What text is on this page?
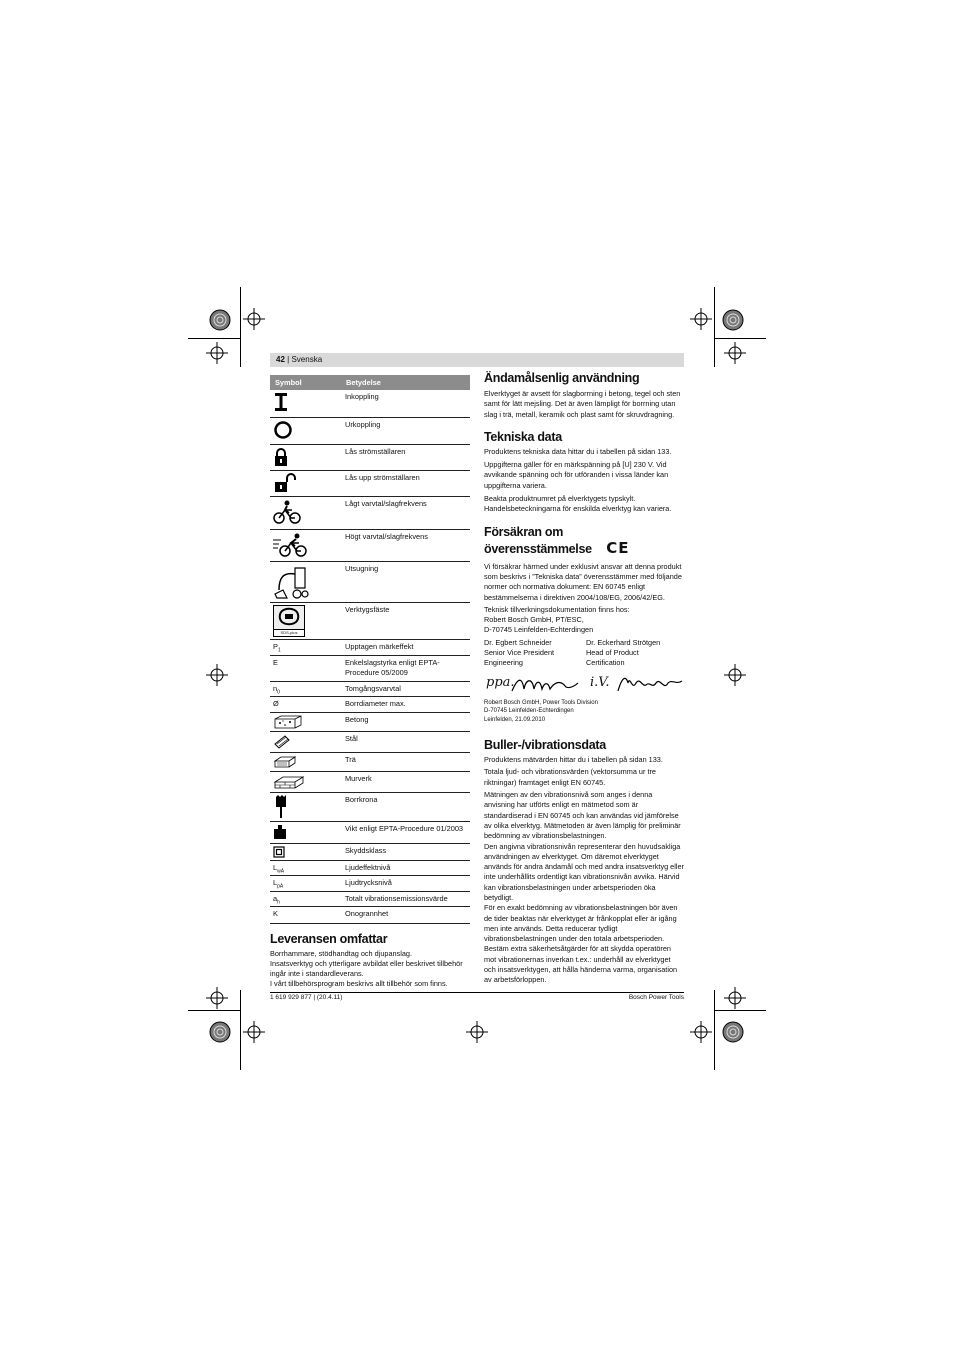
42 | Svenska
Symbol	Betydelse
	Inkoppling
	Urkoppling
	Lås strömställaren
	Lås upp strömställaren
	Lågt varvtal/slagfrekvens
	Högt varvtal/slagfrekvens
	Utsugning

SDS-plus	Verktygsfäste
$P_1$	Upptagen märkeffekt
E	Enkelslagstyrka enligt EPTA-Procedure 05/2009
$n_0$	Tomgångsvarvtal
Ø	Borrdiameter max.
	Betong
	Stål
	Trä
	Murverk
	Borrkrona
	Vikt enligt EPTA-Procedure 01/2003
	Skyddsklass
$L_{wA}$	Ljudeffektnivå
$L_{pA}$	Ljudtrycksnivå
$a_h$	Totalt vibrationsemissionsvärde
K	Onogrannhet
Leveransen omfattar

Borrhammare, stödhandtag och djupanslag.

Insatsverktyg och ytterligare avbildat eller beskrivet tillbehör ingår inte i standardleverans.

I vårt tillbehörsprogram beskrivs allt tillbehör som finns.

Ändamålsenlig användning

Elverktyget är avsett för slagborrning i betong, tegel och sten samt för lätt mejsling. Det är även lämpligt för borrning utan slag i trä, metall, keramik och plast samt för skruvdragning.

Tekniska data

Produktens tekniska data hittar du i tabellen på sidan 133.

Uppgifterna gäller för en märkspänning på [U] 230 V. Vid avvikande spänning och för utföranden i vissa länder kan uppgifterna variera.

Beakta produktnumret på elverktygets typskylt. Handelsbeteckningarna för enskilda elverktyg kan variera.

Försäkran om
överensstämmelse CE

Vi försäkrar härmed under exklusivt ansvar att denna produkt som beskrivs i ”Tekniska data” överensstämmer med följande normer och normativa dokument: EN 60745 enligt bestämmelserna i direktiven 2004/108/EG, 2006/42/EG.

Teknisk tillverkningsdokumentation finns hos:

Robert Bosch GmbH, PT/ESC,

D-70745 Leinfelden-Echterdingen

Dr. Egbert Schneider
Senior Vice President
Engineering

Dr. Eckerhard Strötgen
Head of Product
Certification
ppa.	i.V.

Robert Bosch GmbH, Power Tools Division

D-70745 Leinfelden-Echterdingen

Leinfelden, 21.09.2010

Buller-/vibrationsdata

Produktens mätvärden hittar du i tabellen på sidan 133.

Totala ljud- och vibrationsvärden (vektorsumma ur tre riktningar) framtaget enligt EN 60745.

Mätningen av den vibrationsnivå som anges i denna anvisning har utförts enligt en mätmetod som är standardiserad i EN 60745 och kan användas vid jämförelse av olika elverktyg. Mätmetoden är även lämplig för preliminär bedömning av vibrationsbelastningen.

Den angivna vibrationsnivån representerar den huvudsakliga användningen av elverktyget. Om däremot elverktyget används för andra ändamål och med andra insatsverktyg eller inte underhållits ordentligt kan vibrationsnivån avvika. Härvid kan vibrationsbelastningen under arbetsperioden öka betydligt.

För en exakt bedömning av vibrationsbelastningen bör även de tider beaktas när elverktyget är frånkopplat eller är igång men inte används. Detta reducerar tydligt vibrationsbelastningen under den totala arbetsperioden.

Bestäm extra säkerhetsåtgärder för att skydda operatören mot vibrationernas inverkan t.ex.: underhåll av elverktyget och insatsverktygen, att hålla händerna varma, organisation av arbetsförloppen.

1 619 929 877 | (20.4.11)	Bosch Power Tools
